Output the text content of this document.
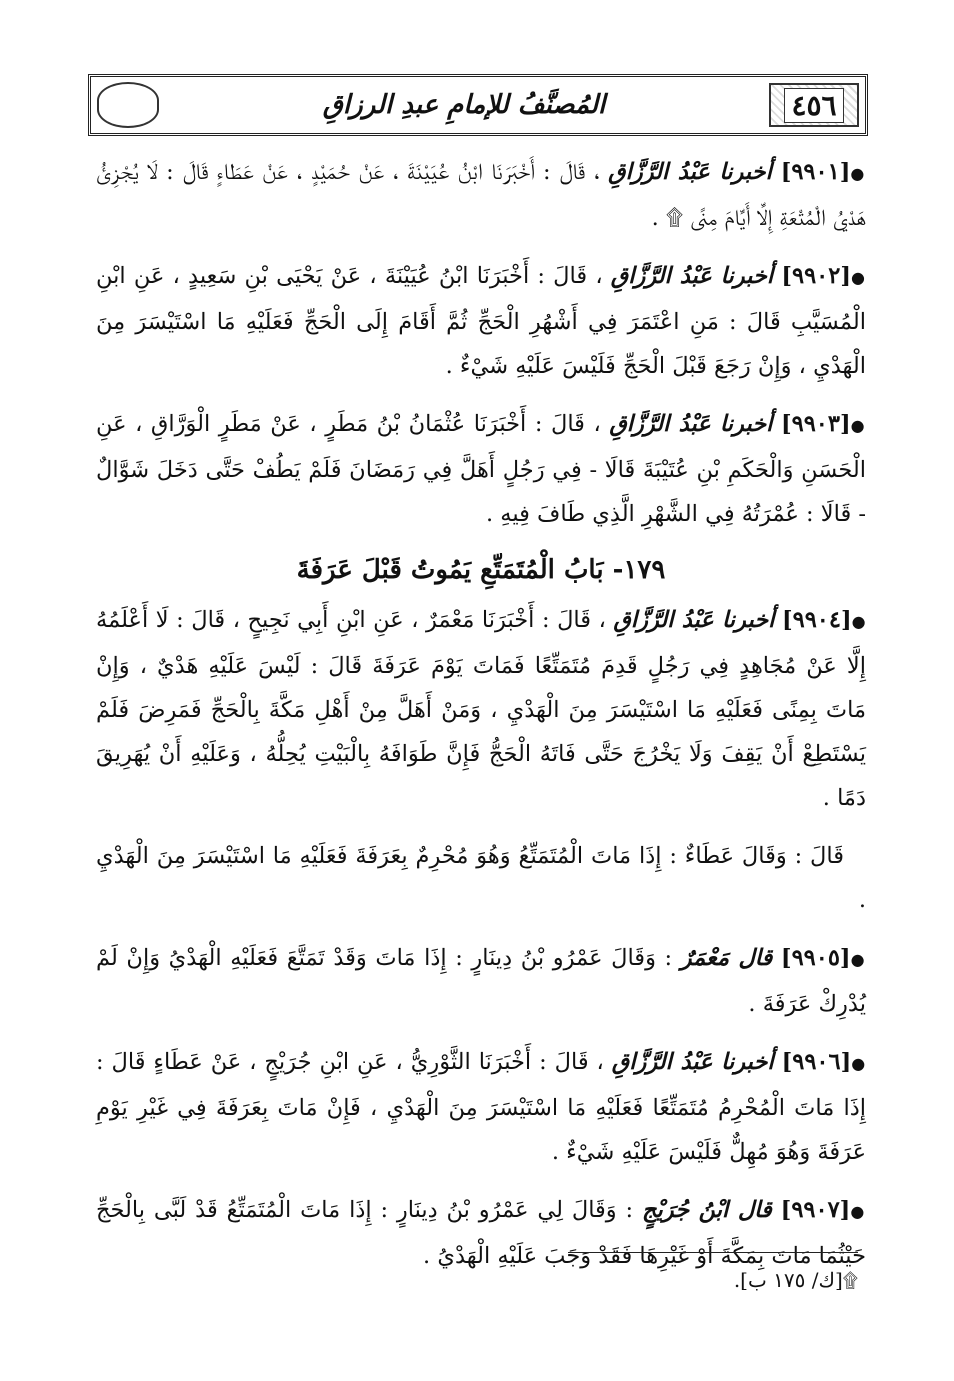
٤٥٦
المُصنَّفُ للإمامِ عبدِ الرزاقِ

●[٩٩٠١] أخبرنا عَبْدُ الرَّزَّاقِ ، قَالَ : أَخْبَرَنَا ابْنُ عُيَيْنَةَ ، عَنْ حُمَيْدٍ ، عَنْ عَطَاءٍ قَالَ : لَا يُجْزِئُ هَدْيُ الْمُتْعَةِ إِلَّا أَيَّامَ مِنًى ۩ .

●[٩٩٠٢] أخبرنا عَبْدُ الرَّزَّاقِ ، قَالَ : أَخْبَرَنَا ابْنُ عُيَيْنَةَ ، عَنْ يَحْيَى بْنِ سَعِيدٍ ، عَنِ ابْنِ الْمُسَيَّبِ قَالَ : مَنِ اعْتَمَرَ فِي أَشْهُرِ الْحَجِّ ثُمَّ أَقَامَ إِلَى الْحَجِّ فَعَلَيْهِ مَا اسْتَيْسَرَ مِنَ الْهَدْيِ ، وَإِنْ رَجَعَ قَبْلَ الْحَجِّ فَلَيْسَ عَلَيْهِ شَيْءٌ .

●[٩٩٠٣] أخبرنا عَبْدُ الرَّزَّاقِ ، قَالَ : أَخْبَرَنَا عُثْمَانُ بْنُ مَطَرٍ ، عَنْ مَطَرٍ الْوَرَّاقِ ، عَنِ الْحَسَنِ وَالْحَكَمِ بْنِ عُتَيْبَةَ قَالَا - فِي رَجُلٍ أَهَلَّ فِي رَمَضَانَ فَلَمْ يَطُفْ حَتَّى دَخَلَ شَوَّالٌ - قَالَا : عُمْرَتُهُ فِي الشَّهْرِ الَّذِي طَافَ فِيهِ .

١٧٩- بَابُ الْمُتَمَتِّعِ يَمُوتُ قَبْلَ عَرَفَةَ

●[٩٩٠٤] أخبرنا عَبْدُ الرَّزَّاقِ ، قَالَ : أَخْبَرَنَا مَعْمَرٌ ، عَنِ ابْنِ أَبِي نَجِيحٍ ، قَالَ : لَا أَعْلَمُهُ إِلَّا عَنْ مُجَاهِدٍ فِي رَجُلٍ قَدِمَ مُتَمَتِّعًا فَمَاتَ يَوْمَ عَرَفَةَ قَالَ : لَيْسَ عَلَيْهِ هَدْيٌ ، وَإِنْ مَاتَ بِمِنًى فَعَلَيْهِ مَا اسْتَيْسَرَ مِنَ الْهَدْيِ ، وَمَنْ أَهَلَّ مِنْ أَهْلِ مَكَّةَ بِالْحَجِّ فَمَرِضَ فَلَمْ يَسْتَطِعْ أَنْ يَقِفَ وَلَا يَخْرُجَ حَتَّى فَاتَهُ الْحَجُّ فَإِنَّ طَوَافَهُ بِالْبَيْتِ يُحِلُّهُ ، وَعَلَيْهِ أَنْ يُهَرِيقَ دَمًا .

قَالَ : وَقَالَ عَطَاءٌ : إِذَا مَاتَ الْمُتَمَتِّعُ وَهُوَ مُحْرِمٌ بِعَرَفَةَ فَعَلَيْهِ مَا اسْتَيْسَرَ مِنَ الْهَدْيِ .

●[٩٩٠٥] قال مَعْمَرٌ : وَقَالَ عَمْرُو بْنُ دِينَارٍ : إِذَا مَاتَ وَقَدْ تَمَتَّعَ فَعَلَيْهِ الْهَدْيُ وَإِنْ لَمْ يُدْرِكْ عَرَفَةَ .

●[٩٩٠٦] أخبرنا عَبْدُ الرَّزَّاقِ ، قَالَ : أَخْبَرَنَا الثَّوْرِيُّ ، عَنِ ابْنِ جُرَيْجٍ ، عَنْ عَطَاءٍ قَالَ : إِذَا مَاتَ الْمُحْرِمُ مُتَمَتِّعًا فَعَلَيْهِ مَا اسْتَيْسَرَ مِنَ الْهَدْيِ ، فَإِنْ مَاتَ بِعَرَفَةَ فِي غَيْرِ يَوْمِ عَرَفَةَ وَهُوَ مُهِلٌّ فَلَيْسَ عَلَيْهِ شَيْءٌ .

●[٩٩٠٧] قال ابْنُ جُرَيْجٍ : وَقَالَ لِي عَمْرُو بْنُ دِينَارٍ : إِذَا مَاتَ الْمُتَمَتِّعُ قَدْ لَبَّى بِالْحَجِّ حَيْثُمَا مَاتَ بِمَكَّةَ أَوْ غَيْرِهَا فَقَدْ وَجَبَ عَلَيْهِ الْهَدْيُ .

۩[ك/ ١٧٥ ب].
